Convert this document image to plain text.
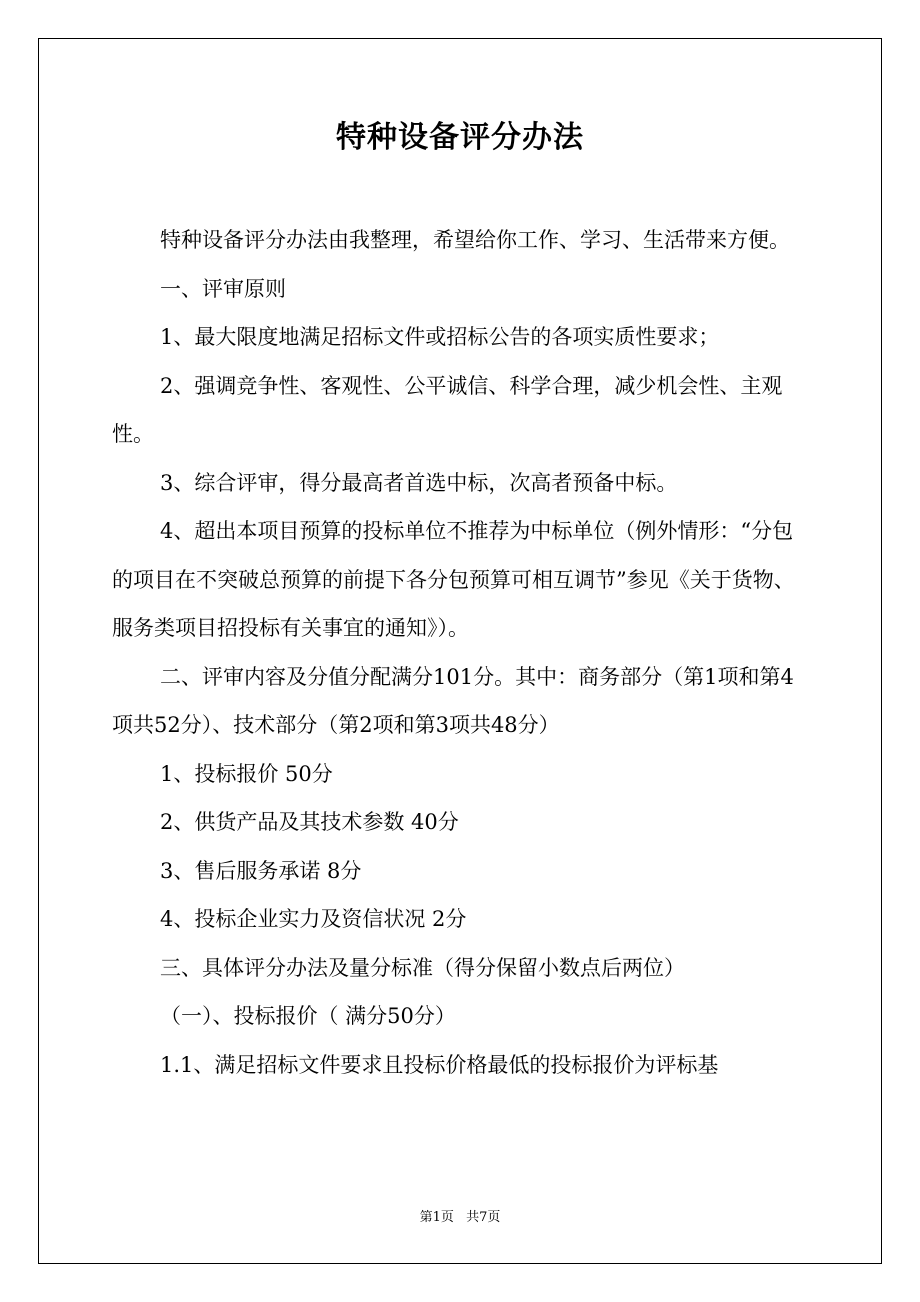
特种设备评分办法

特种设备评分办法由我整理，希望给你工作、学习、生活带来方便。

一、评审原则

1、最大限度地满足招标文件或招标公告的各项实质性要求；

2、强调竞争性、客观性、公平诚信、科学合理，减少机会性、主观性。

3、综合评审，得分最高者首选中标，次高者预备中标。

4、超出本项目预算的投标单位不推荐为中标单位（例外情形：“分包的项目在不突破总预算的前提下各分包预算可相互调节”参见《关于货物、服务类项目招投标有关事宜的通知》）。

二、评审内容及分值分配满分101分。其中：商务部分（第1项和第4项共52分）、技术部分（第2项和第3项共48分）

1、投标报价 50分

2、供货产品及其技术参数 40分

3、售后服务承诺 8分

4、投标企业实力及资信状况 2分

三、具体评分办法及量分标准（得分保留小数点后两位）

（一）、投标报价（ 满分50分）

1.1、满足招标文件要求且投标价格最低的投标报价为评标基

第1页 共7页
